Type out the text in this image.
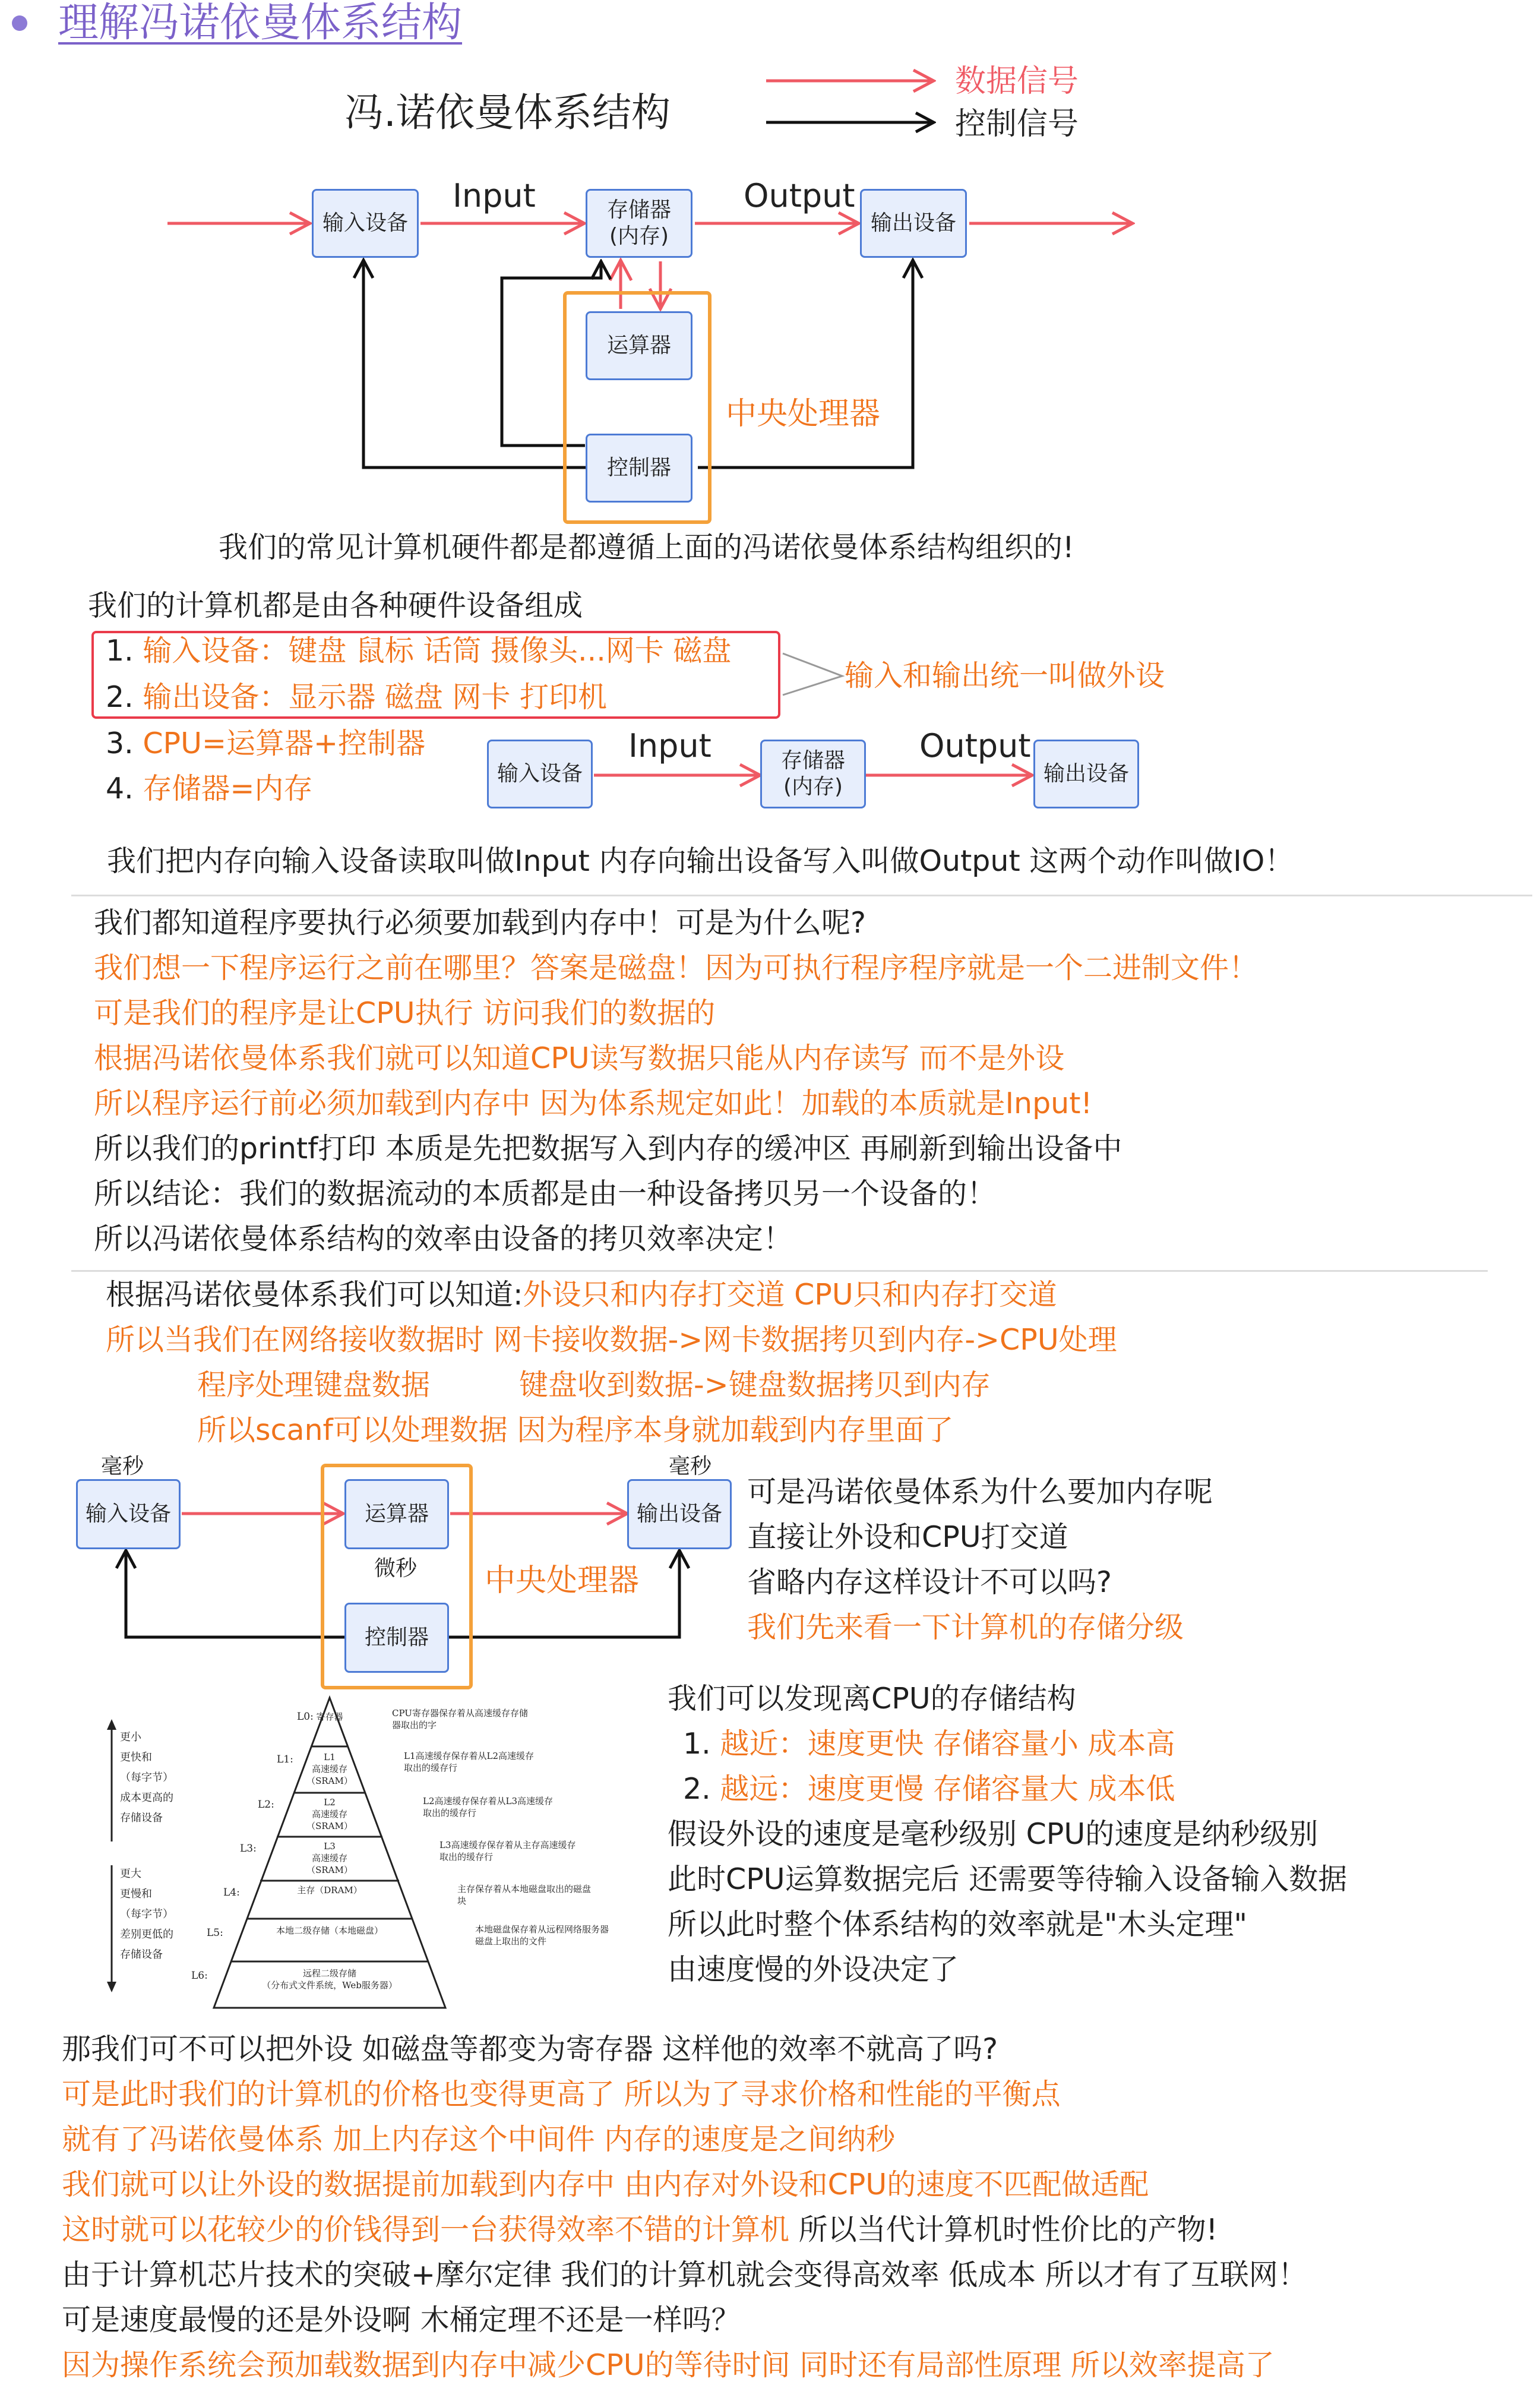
理解冯诺依曼体系结构
冯.诺依曼体系结构
数据信号
控制信号
输入设备
Input	存储器
(内存)
Output
输出设备
运算器
控制器
中央处理器
我们的常见计算机硬件都是都遵循上面的冯诺依曼体系结构组织的!
我们的计算机都是由各种硬件设备组成
1. 输入设备：键盘 鼠标 话筒 摄像头...网卡 磁盘
2. 输出设备：显示器 磁盘 网卡 打印机
输入和输出统一叫做外设
3. CPU=运算器+控制器
4. 存储器=内存	输入设备
Input	存储器
(内存)
Output
输出设备
我们把内存向输入设备读取叫做Input 内存向输出设备写入叫做Output 这两个动作叫做IO！
我们都知道程序要执行必须要加载到内存中！可是为什么呢?
我们想一下程序运行之前在哪里？答案是磁盘！因为可执行程序程序就是一个二进制文件！
可是我们的程序是让CPU执行 访问我们的数据的
根据冯诺依曼体系我们就可以知道CPU读写数据只能从内存读写 而不是外设
所以程序运行前必须加载到内存中 因为体系规定如此！加载的本质就是Input!
所以我们的printf打印 本质是先把数据写入到内存的缓冲区 再刷新到输出设备中
所以结论：我们的数据流动的本质都是由一种设备拷贝另一个设备的！
所以冯诺依曼体系结构的效率由设备的拷贝效率决定！
根据冯诺依曼体系我们可以知道:外设只和内存打交道 CPU只和内存打交道
所以当我们在网络接收数据时 网卡接收数据->网卡数据拷贝到内存->CPU处理
程序处理键盘数据	键盘收到数据->键盘数据拷贝到内存
所以scanf可以处理数据 因为程序本身就加载到内存里面了
毫秒	毫秒
输入设备	运算器
微秒
输出设备
控制器
中央处理器
可是冯诺依曼体系为什么要加内存呢
直接让外设和CPU打交道
省略内存这样设计不可以吗?
我们先来看一下计算机的存储分级
更小
更快和
（每字节）
成本更高的
存储设备
更大
更慢和
（每字节）
差别更低的
存储设备
L0: 寄存器	CPU寄存器保存着从高速缓存存储器取出的字
L1:	L1
高速缓存
（SRAM）
L1高速缓存保存着从L2高速缓存取出的缓存行
L2:	L2
高速缓存
（SRAM）
L2高速缓存保存着从L3高速缓存取出的缓存行
L3:	L3
高速缓存
（SRAM）
L3高速缓存保存着从主存高速缓存取出的缓存行
L4:	主存（DRAM）	主存保存着从本地磁盘取出的磁盘块
L5:	本地二级存储（本地磁盘）	本地磁盘保存着从远程网络服务器磁盘上取出的文件
L6:	远程二级存储
（分布式文件系统，Web服务器）
我们可以发现离CPU的存储结构
1. 越近：速度更快 存储容量小 成本高
2. 越远：速度更慢 存储容量大 成本低
假设外设的速度是毫秒级别 CPU的速度是纳秒级别
此时CPU运算数据完后 还需要等待输入设备输入数据
所以此时整个体系结构的效率就是"木头定理"
由速度慢的外设决定了
那我们可不可以把外设 如磁盘等都变为寄存器 这样他的效率不就高了吗?
可是此时我们的计算机的价格也变得更高了 所以为了寻求价格和性能的平衡点
就有了冯诺依曼体系 加上内存这个中间件 内存的速度是之间纳秒
我们就可以让外设的数据提前加载到内存中 由内存对外设和CPU的速度不匹配做适配
这时就可以花较少的价钱得到一台获得效率不错的计算机 所以当代计算机时性价比的产物!
由于计算机芯片技术的突破+摩尔定律 我们的计算机就会变得高效率 低成本 所以才有了互联网！
可是速度最慢的还是外设啊 木桶定理不还是一样吗？
因为操作系统会预加载数据到内存中减少CPU的等待时间 同时还有局部性原理 所以效率提高了
